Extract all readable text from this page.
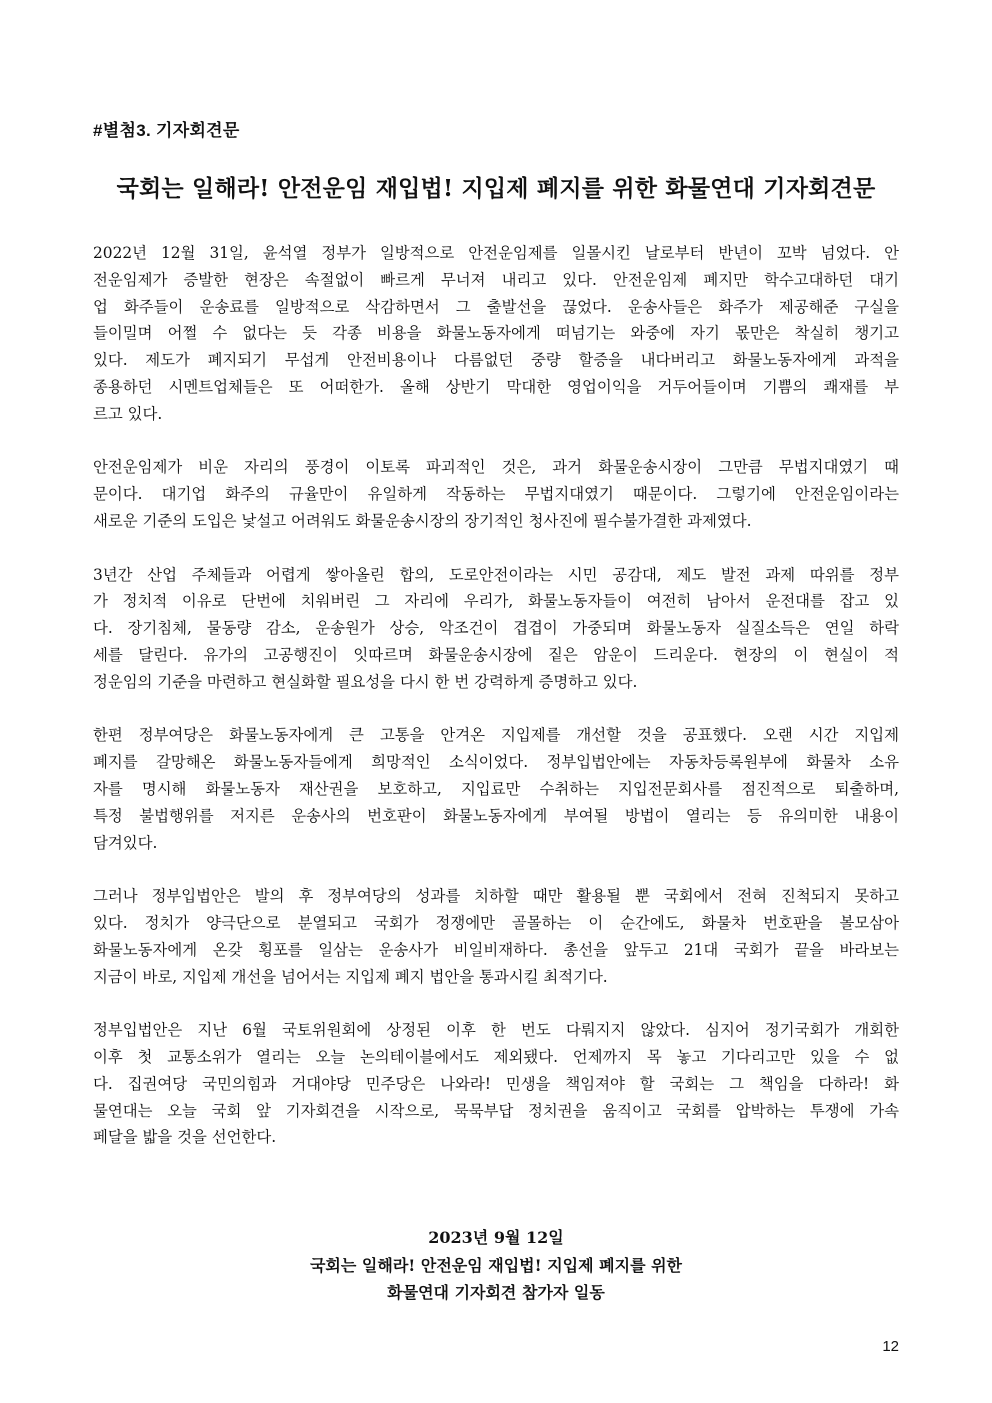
#별첨3. 기자회견문
국회는 일해라! 안전운임 재입법! 지입제 폐지를 위한 화물연대 기자회견문
2022년 12월 31일, 윤석열 정부가 일방적으로 안전운임제를 일몰시킨 날로부터 반년이 꼬박 넘었다. 안
전운임제가 증발한 현장은 속절없이 빠르게 무너져 내리고 있다. 안전운임제 폐지만 학수고대하던 대기
업 화주들이 운송료를 일방적으로 삭감하면서 그 출발선을 끊었다. 운송사들은 화주가 제공해준 구실을
들이밀며 어쩔 수 없다는 듯 각종 비용을 화물노동자에게 떠넘기는 와중에 자기 몫만은 착실히 챙기고
있다. 제도가 폐지되기 무섭게 안전비용이나 다름없던 중량 할증을 내다버리고 화물노동자에게 과적을
종용하던 시멘트업체들은 또 어떠한가. 올해 상반기 막대한 영업이익을 거두어들이며 기쁨의 쾌재를 부
르고 있다.
안전운임제가 비운 자리의 풍경이 이토록 파괴적인 것은, 과거 화물운송시장이 그만큼 무법지대였기 때
문이다. 대기업 화주의 규율만이 유일하게 작동하는 무법지대였기 때문이다. 그렇기에 안전운임이라는
새로운 기준의 도입은 낯설고 어려워도 화물운송시장의 장기적인 청사진에 필수불가결한 과제였다.
3년간 산업 주체들과 어렵게 쌓아올린 합의, 도로안전이라는 시민 공감대, 제도 발전 과제 따위를 정부
가 정치적 이유로 단번에 치워버린 그 자리에 우리가, 화물노동자들이 여전히 남아서 운전대를 잡고 있
다. 장기침체, 물동량 감소, 운송원가 상승, 악조건이 겹겹이 가중되며 화물노동자 실질소득은 연일 하락
세를 달린다. 유가의 고공행진이 잇따르며 화물운송시장에 짙은 암운이 드리운다. 현장의 이 현실이 적
정운임의 기준을 마련하고 현실화할 필요성을 다시 한 번 강력하게 증명하고 있다.
한편 정부여당은 화물노동자에게 큰 고통을 안겨온 지입제를 개선할 것을 공표했다. 오랜 시간 지입제
폐지를 갈망해온 화물노동자들에게 희망적인 소식이었다. 정부입법안에는 자동차등록원부에 화물차 소유
자를 명시해 화물노동자 재산권을 보호하고, 지입료만 수취하는 지입전문회사를 점진적으로 퇴출하며,
특정 불법행위를 저지른 운송사의 번호판이 화물노동자에게 부여될 방법이 열리는 등 유의미한 내용이
담겨있다.
그러나 정부입법안은 발의 후 정부여당의 성과를 치하할 때만 활용될 뿐 국회에서 전혀 진척되지 못하고
있다. 정치가 양극단으로 분열되고 국회가 정쟁에만 골몰하는 이 순간에도, 화물차 번호판을 볼모삼아
화물노동자에게 온갖 횡포를 일삼는 운송사가 비일비재하다. 총선을 앞두고 21대 국회가 끝을 바라보는
지금이 바로, 지입제 개선을 넘어서는 지입제 폐지 법안을 통과시킬 최적기다.
정부입법안은 지난 6월 국토위원회에 상정된 이후 한 번도 다뤄지지 않았다. 심지어 정기국회가 개회한
이후 첫 교통소위가 열리는 오늘 논의테이블에서도 제외됐다. 언제까지 목 놓고 기다리고만 있을 수 없
다. 집권여당 국민의힘과 거대야당 민주당은 나와라! 민생을 책임져야 할 국회는 그 책임을 다하라! 화
물연대는 오늘 국회 앞 기자회견을 시작으로, 묵묵부답 정치권을 움직이고 국회를 압박하는 투쟁에 가속
페달을 밟을 것을 선언한다.
2023년 9월 12일
국회는 일해라! 안전운임 재입법! 지입제 폐지를 위한
화물연대 기자회견 참가자 일동
12
